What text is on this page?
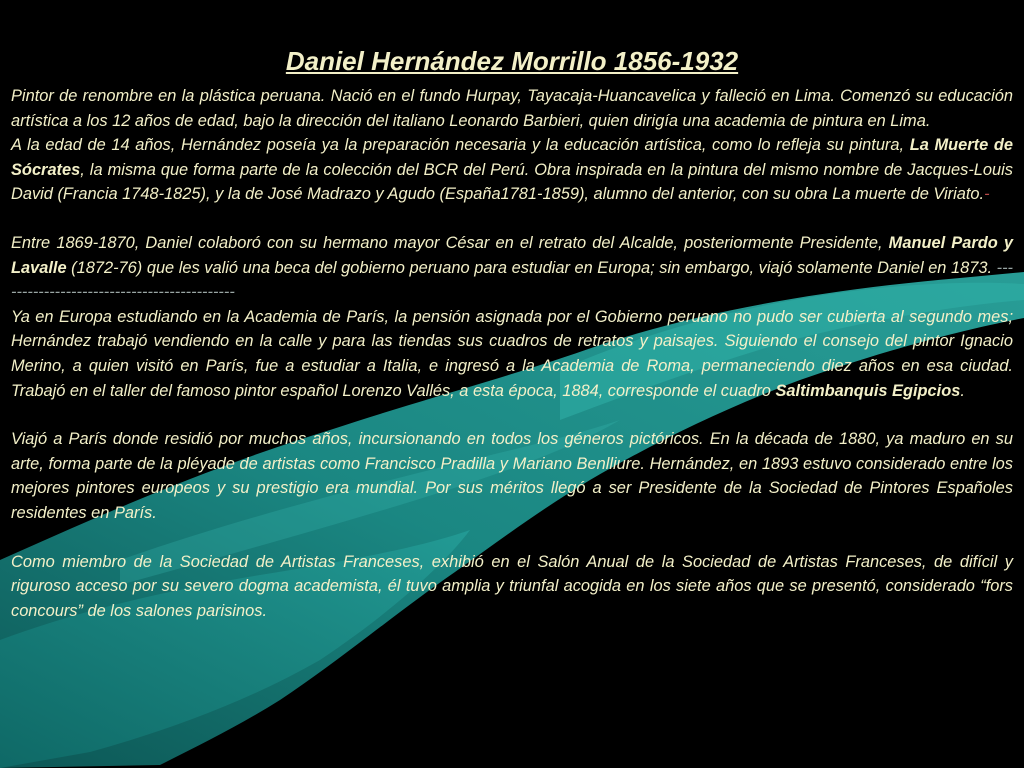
Daniel Hernández Morrillo 1856-1932

Pintor de renombre en la plástica peruana. Nació en el fundo Hurpay, Tayacaja-Huancavelica y falleció en Lima. Comenzó su educación artística a los 12 años de edad, bajo la dirección del italiano Leonardo Barbieri, quien dirigía una academia de pintura en Lima.

A la edad de 14 años, Hernández poseía ya la preparación necesaria y la educación artística, como lo refleja su pintura, La Muerte de Sócrates, la misma que forma parte de la colección del BCR del Perú. Obra inspirada en la pintura del mismo nombre de Jacques-Louis David (Francia 1748-1825), y la de José Madrazo y Agudo (España1781-1859), alumno del anterior, con su obra La muerte de Viriato.-

Entre 1869-1870, Daniel colaboró con su hermano mayor César en el retrato del Alcalde, posteriormente Presidente, Manuel Pardo y Lavalle (1872-76) que les valió una beca del gobierno peruano para estudiar en Europa; sin embargo, viajó solamente Daniel en 1873. --------------------------------------------

Ya en Europa estudiando en la Academia de París, la pensión asignada por el Gobierno peruano no pudo ser cubierta al segundo mes; Hernández trabajó vendiendo en la calle y para las tiendas sus cuadros de retratos y paisajes. Siguiendo el consejo del pintor Ignacio Merino, a quien visitó en París, fue a estudiar a Italia, e ingresó a la Academia de Roma, permaneciendo diez años en esa ciudad. Trabajó en el taller del famoso pintor español Lorenzo Vallés, a esta época, 1884, corresponde el cuadro Saltimbanquis Egipcios.

Viajó a París donde residió por muchos años, incursionando en todos los géneros pictóricos. En la década de 1880, ya maduro en su arte, forma parte de la pléyade de artistas como Francisco Pradilla y Mariano Benlliure. Hernández, en 1893 estuvo considerado entre los mejores pintores europeos y su prestigio era mundial. Por sus méritos llegó a ser Presidente de la Sociedad de Pintores Españoles residentes en París.

Como miembro de la Sociedad de Artistas Franceses, exhibió en el Salón Anual de la Sociedad de Artistas Franceses, de difícil y riguroso acceso por su severo dogma academista, él tuvo amplia y triunfal acogida en los siete años que se presentó, considerado “fors concours” de los salones parisinos.
